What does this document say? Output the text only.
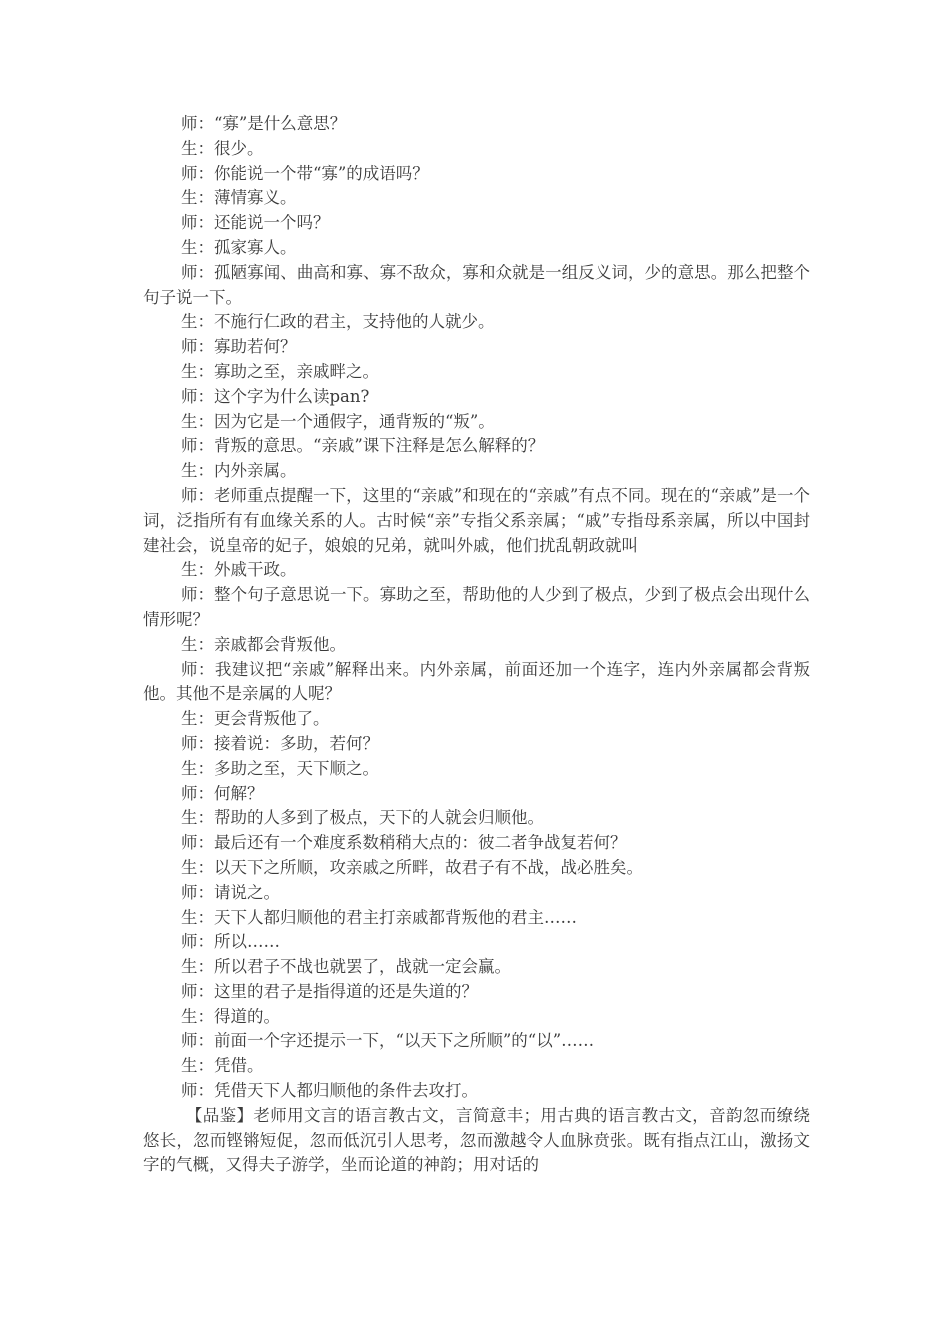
师：“寡”是什么意思？

生：很少。

师：你能说一个带“寡”的成语吗？

生：薄情寡义。

师：还能说一个吗？

生：孤家寡人。

师：孤陋寡闻、曲高和寡、寡不敌众，寡和众就是一组反义词，少的意思。那么把整个句子说一下。

生：不施行仁政的君主，支持他的人就少。

师：寡助若何？

生：寡助之至，亲戚畔之。

师：这个字为什么读pan?

生：因为它是一个通假字，通背叛的“叛”。

师：背叛的意思。“亲戚”课下注释是怎么解释的？

生：内外亲属。

师：老师重点提醒一下，这里的“亲戚”和现在的“亲戚”有点不同。现在的“亲戚”是一个词，泛指所有有血缘关系的人。古时候“亲”专指父系亲属；“戚”专指母系亲属，所以中国封建社会，说皇帝的妃子，娘娘的兄弟，就叫外戚，他们扰乱朝政就叫

生：外戚干政。

师：整个句子意思说一下。寡助之至，帮助他的人少到了极点，少到了极点会出现什么情形呢？

生：亲戚都会背叛他。

师：我建议把“亲戚”解释出来。内外亲属，前面还加一个连字，连内外亲属都会背叛他。其他不是亲属的人呢？

生：更会背叛他了。

师：接着说：多助，若何？

生：多助之至，天下顺之。

师：何解？

生：帮助的人多到了极点，天下的人就会归顺他。

师：最后还有一个难度系数稍稍大点的：彼二者争战复若何？

生：以天下之所顺，攻亲戚之所畔，故君子有不战，战必胜矣。

师：请说之。

生：天下人都归顺他的君主打亲戚都背叛他的君主……

师：所以……

生：所以君子不战也就罢了，战就一定会赢。

师：这里的君子是指得道的还是失道的？

生：得道的。

师：前面一个字还提示一下，“以天下之所顺”的“以”……

生：凭借。

师：凭借天下人都归顺他的条件去攻打。

【品鉴】老师用文言的语言教古文，言简意丰；用古典的语言教古文，音韵忽而缭绕悠长，忽而铿锵短促，忽而低沉引人思考，忽而激越令人血脉贲张。既有指点江山，激扬文字的气概，又得夫子游学，坐而论道的神韵；用对话的
